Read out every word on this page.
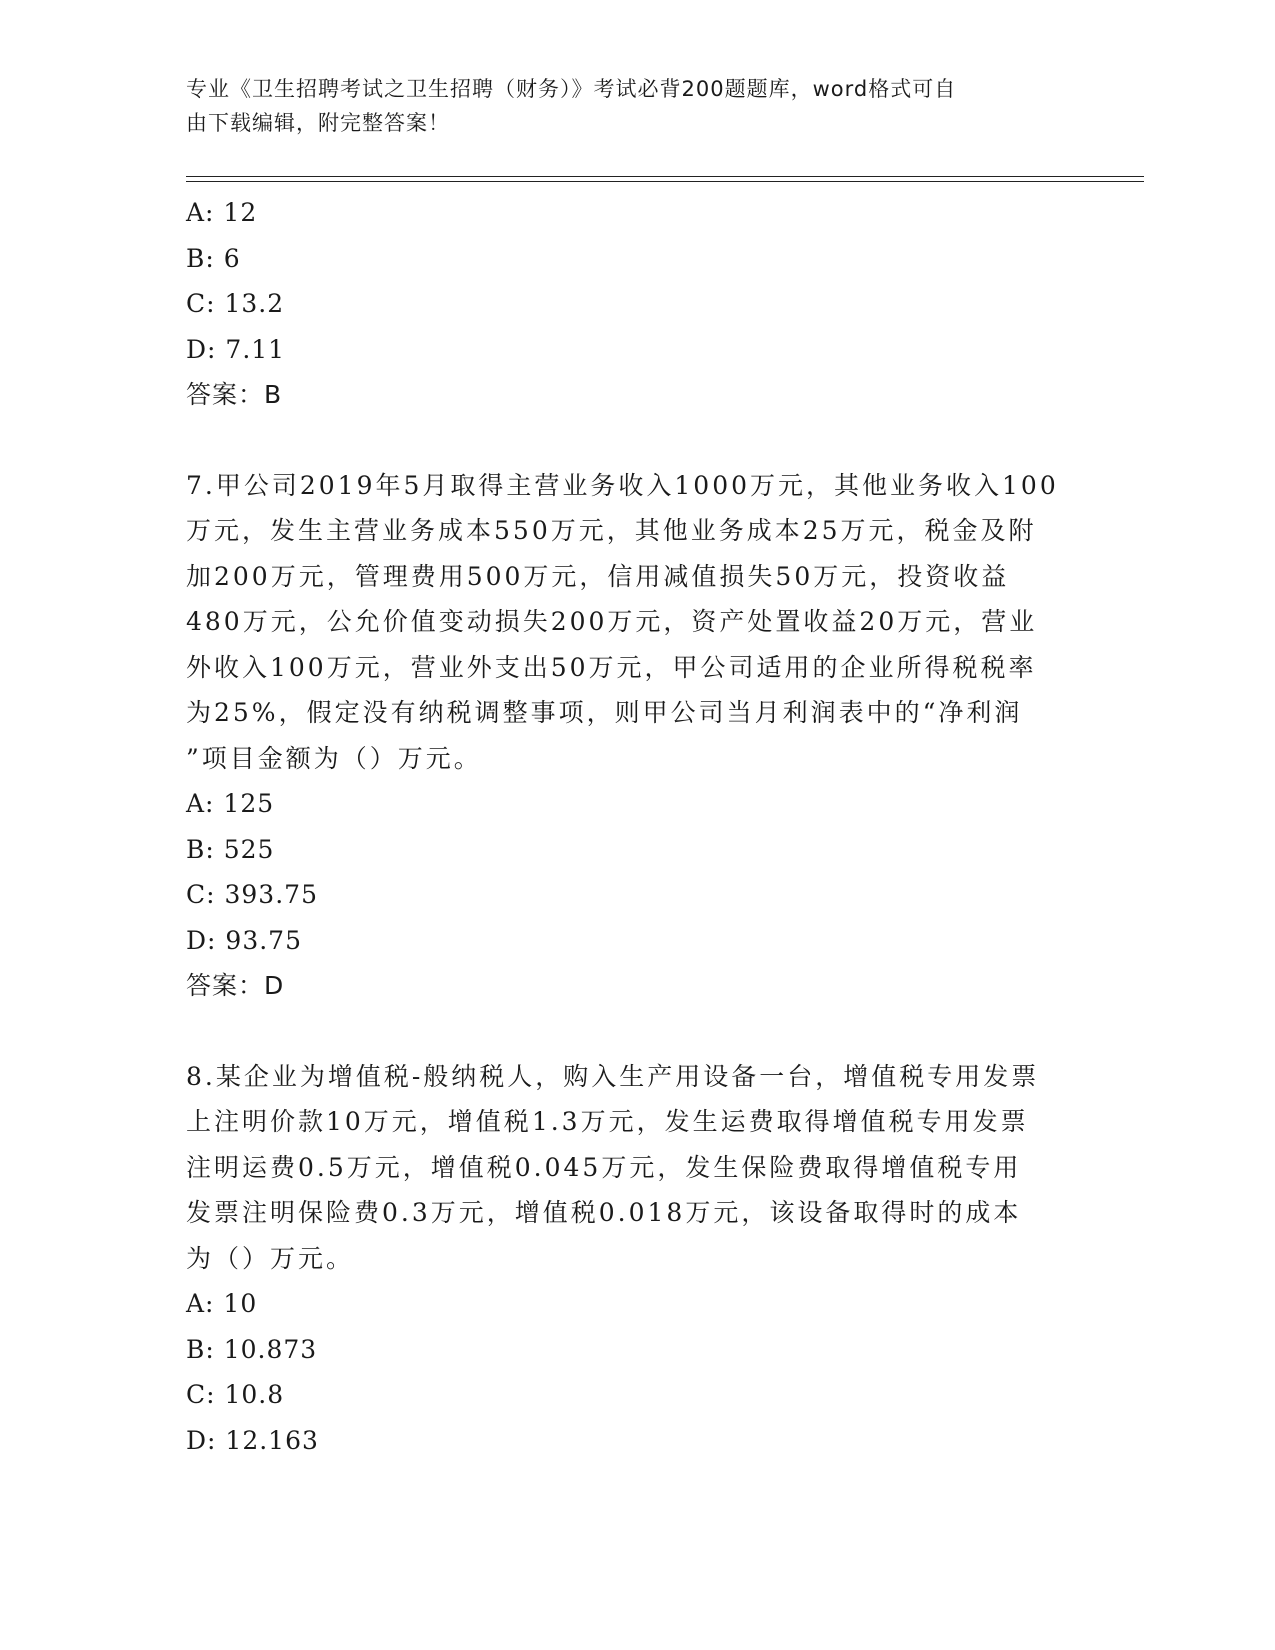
专业《卫生招聘考试之卫生招聘（财务）》考试必背200题题库，word格式可自
由下载编辑，附完整答案！
A: 12
B: 6
C: 13.2
D: 7.11
答案：B
7.甲公司2019年5月取得主营业务收入1000万元，其他业务收入100
万元，发生主营业务成本550万元，其他业务成本25万元，税金及附
加200万元，管理费用500万元，信用减值损失50万元，投资收益
480万元，公允价值变动损失200万元，资产处置收益20万元，营业
外收入100万元，营业外支出50万元，甲公司适用的企业所得税税率
为25%，假定没有纳税调整事项，则甲公司当月利润表中的“净利润
”项目金额为（）万元。
A: 125
B: 525
C: 393.75
D: 93.75
答案：D
8.某企业为增值税-般纳税人，购入生产用设备一台，增值税专用发票
上注明价款10万元，增值税1.3万元，发生运费取得增值税专用发票
注明运费0.5万元，增值税0.045万元，发生保险费取得增值税专用
发票注明保险费0.3万元，增值税0.018万元，该设备取得时的成本
为（）万元。
A: 10
B: 10.873
C: 10.8
D: 12.163
